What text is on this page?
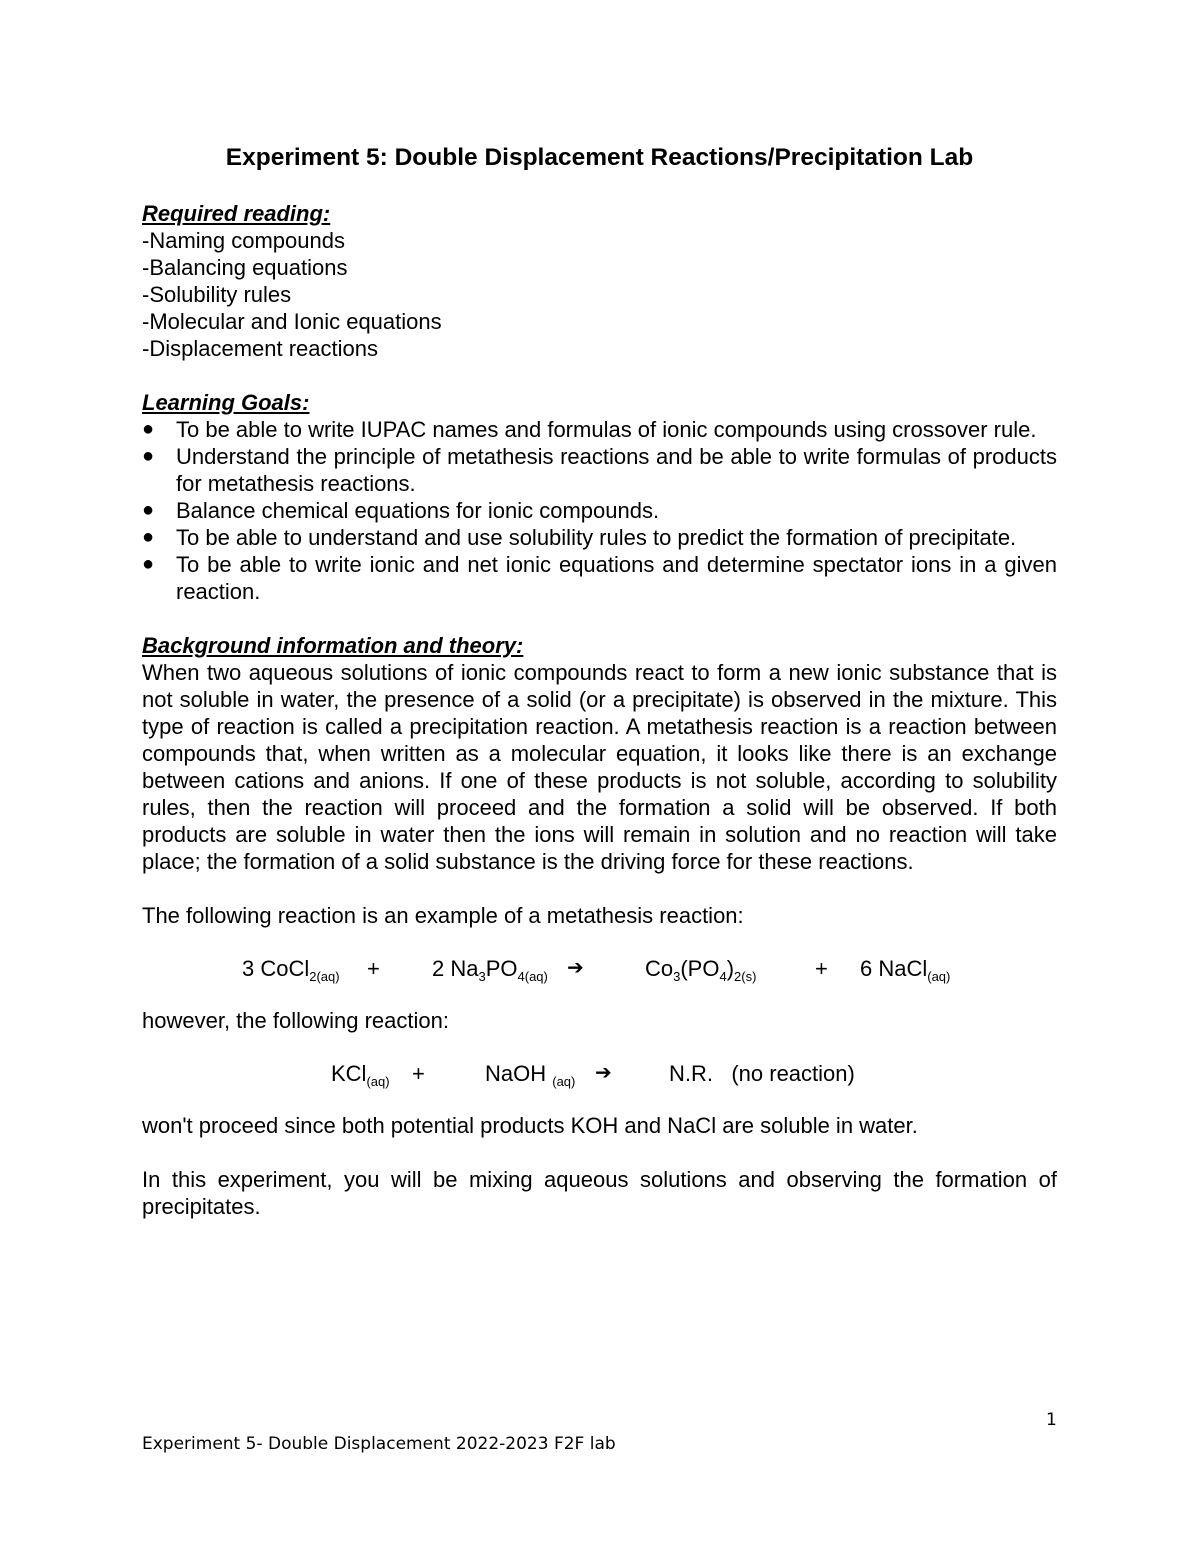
Experiment 5: Double Displacement Reactions/Precipitation Lab

Required reading:

-Naming compounds

-Balancing equations

-Solubility rules

-Molecular and Ionic equations

-Displacement reactions

Learning Goals:

● To be able to write IUPAC names and formulas of ionic compounds using crossover rule.
● Understand the principle of metathesis reactions and be able to write formulas of products for metathesis reactions.
● Balance chemical equations for ionic compounds.
● To be able to understand and use solubility rules to predict the formation of precipitate.
● To be able to write ionic and net ionic equations and determine spectator ions in a given reaction.

Background information and theory:

When two aqueous solutions of ionic compounds react to form a new ionic substance that is not soluble in water, the presence of a solid (or a precipitate) is observed in the mixture. This type of reaction is called a precipitation reaction. A metathesis reaction is a reaction between compounds that, when written as a molecular equation, it looks like there is an exchange between cations and anions. If one of these products is not soluble, according to solubility rules, then the reaction will proceed and the formation a solid will be observed. If both products are soluble in water then the ions will remain in solution and no reaction will take place; the formation of a solid substance is the driving force for these reactions.

The following reaction is an example of a metathesis reaction:

3 CoCl$_{2(aq)}$ + 2 $Na_3PO_{4(aq)}$ ➔	$Co_3(PO_4)_{2(s)}$	+ 6 NaCl$_{(aq)}$

however, the following reaction:

KCl$_{(aq)}$ +	NaOH $_{(aq)}$ ➔	N.R.   (no reaction)

won't proceed since both potential products KOH and NaCl are soluble in water.

In this experiment, you will be mixing aqueous solutions and observing the formation of precipitates.

1
Experiment 5- Double Displacement 2022-2023 F2F lab
